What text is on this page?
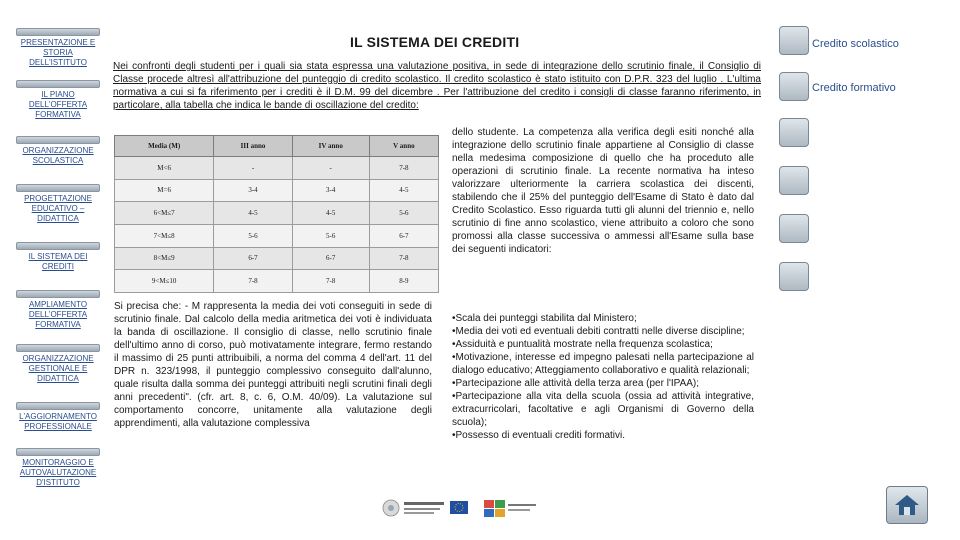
PRESENTAZIONE E STORIA DELL'ISTITUTO
IL PIANO DELL'OFFERTA FORMATIVA
ORGANIZZAZIONE SCOLASTICA
PROGETTAZIONE EDUCATIVO – DIDATTICA
IL SISTEMA DEI CREDITI
AMPLIAMENTO DELL'OFFERTA FORMATIVA
ORGANIZZAZIONE GESTIONALE E DIDATTICA
L'AGGIORNAMENTO PROFESSIONALE
MONITORAGGIO E AUTOVALUTAZIONE D'ISTITUTO
IL SISTEMA DEI CREDITI	Credito scolastico
Credito formativo
Nei confronti degli studenti per i quali sia stata espressa una valutazione positiva, in sede di integrazione dello scrutinio finale, il Consiglio di Classe procede altresì all'attribuzione del punteggio di credito scolastico. Il credito scolastico è stato istituito con D.P.R. 323 del luglio . L'ultima normativa a cui si fa riferimento per i crediti è il D.M. 99 del dicembre . Per l'attribuzione del credito i consigli di classe faranno riferimento, in particolare, alla tabella che indica le bande di oscillazione del credito:
Media (M)	III anno	IV anno	V anno
M<6	-	-	7-8
M=6	3-4	3-4	4-5
6<M≤7	4-5	4-5	5-6
7<M≤8	5-6	5-6	6-7
8<M≤9	6-7	6-7	7-8
9<M≤10	7-8	7-8	8-9
dello studente. La competenza alla verifica degli esiti nonché alla integrazione dello scrutinio finale appartiene al Consiglio di classe nella medesima composizione di quello che ha proceduto alle operazioni di scrutinio finale. La recente normativa ha inteso valorizzare ulteriormente la carriera scolastica dei discenti, stabilendo che il 25% del punteggio dell'Esame di Stato è dato dal Credito Scolastico. Esso riguarda tutti gli alunni del triennio e, nello scrutinio di fine anno scolastico, viene attribuito a coloro che sono promossi alla classe successiva o ammessi all'Esame sulla base dei seguenti indicatori:
Si precisa che: - M rappresenta la media dei voti conseguiti in sede di scrutinio finale. Dal calcolo della media aritmetica dei voti è individuata la banda di oscillazione. Il consiglio di classe, nello scrutinio finale dell'ultimo anno di corso, può motivatamente integrare, fermo restando il massimo di 25 punti attribuibili, a norma del comma 4 dell'art. 11 del DPR n. 323/1998, il punteggio complessivo conseguito dall'alunno, quale risulta dalla somma dei punteggi attribuiti negli scrutini finali degli anni precedenti". (cfr. art. 8, c. 6, O.M. 40/09). La valutazione sul comportamento concorre, unitamente alla valutazione degli apprendimenti, alla valutazione complessiva
•Scala dei punteggi stabilita dal Ministero;
•Media dei voti ed eventuali debiti contratti nelle diverse discipline;
•Assiduità e puntualità mostrate nella frequenza scolastica;
•Motivazione, interesse ed impegno palesati nella partecipazione al dialogo educativo; Atteggiamento collaborativo e qualità relazionali;
•Partecipazione alle attività della terza area (per l'IPAA);
•Partecipazione alla vita della scuola (ossia ad attività integrative, extracurricolari, facoltative e agli Organismi di Governo della scuola);
•Possesso di eventuali crediti formativi.
